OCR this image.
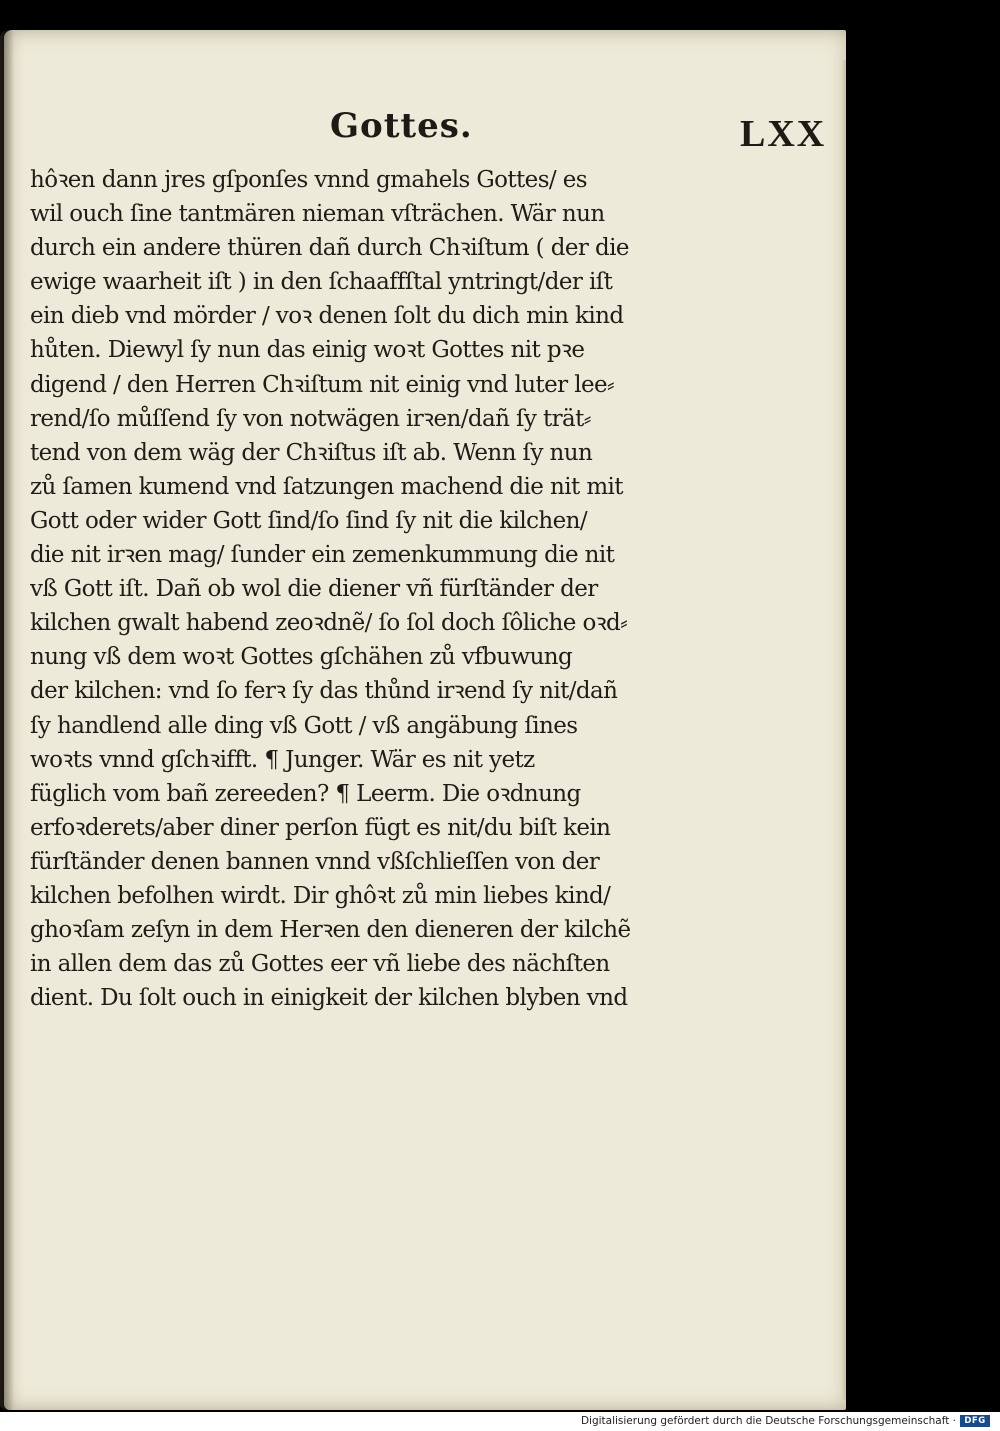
Gottes.	LXX
hôꝛen dann jres gſponſes vnnd gmahels Gottes/ es
wil ouch ſine tantmären nieman vſträchen. Wär nun
durch ein andere thüren dañ durch Chꝛiſtum ( der die
ewige waarheit iſt ) in den ſchaaffſtal yntringt/der iſt
ein dieb vnd mörder / voꝛ denen ſolt du dich min kind
hůten. Diewyl ſy nun das einig woꝛt Gottes nit pꝛe
digend / den Herren Chꝛiſtum nit einig vnd luter lee⸗
rend/ſo můſſend ſy von notwägen irꝛen/dañ ſy trät⸗
tend von dem wäg der Chꝛiſtus iſt ab. Wenn ſy nun
zů ſamen kumend vnd ſatzungen machend die nit mit
Gott oder wider Gott ſind/ſo ſind ſy nit die kilchen/
die nit irꝛen mag/ ſunder ein zemenkummung die nit
vß Gott iſt. Dañ ob wol die diener vñ fürſtänder der
kilchen gwalt habend zeoꝛdnẽ/ ſo ſol doch ſôliche oꝛd⸗
nung vß dem woꝛt Gottes gſchähen zů vfbuwung
der kilchen: vnd ſo ferꝛ ſy das thůnd irꝛend ſy nit/dañ
ſy handlend alle ding vß Gott / vß angäbung ſines
woꝛts vnnd gſchꝛifft. ¶ Junger. Wär es nit yetz
füglich vom bañ zereeden? ¶ Leerm. Die oꝛdnung
erfoꝛderets/aber diner perſon fügt es nit/du biſt kein
fürſtänder denen bannen vnnd vßſchlieſſen von der
kilchen befolhen wirdt. Dir ghôꝛt zů min liebes kind/
ghoꝛſam zeſyn in dem Herꝛen den dieneren der kilchẽ
in allen dem das zů Gottes eer vñ liebe des nächſten
dient. Du ſolt ouch in einigkeit der kilchen blyben vnd
Digitalisierung gefördert durch die Deutsche Forschungsgemeinschaft · DFG
